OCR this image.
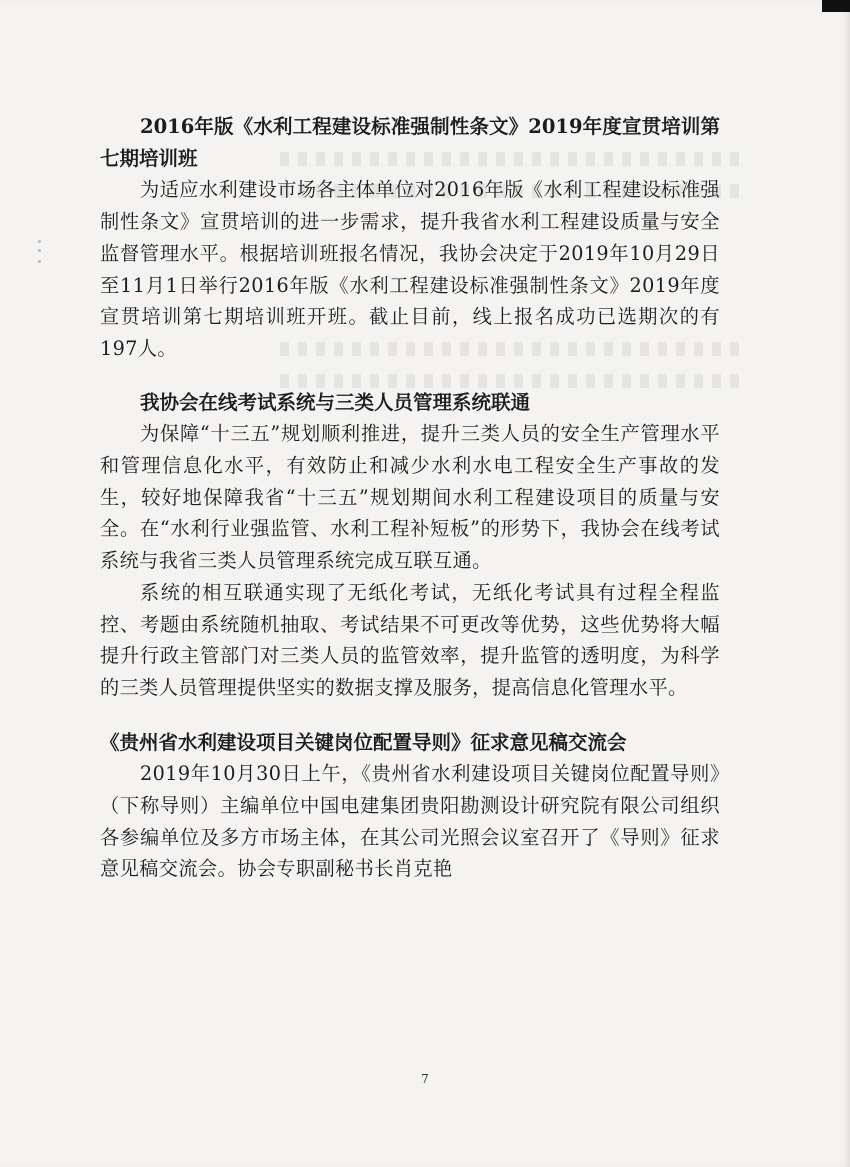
2016年版《水利工程建设标准强制性条文》2019年度宣贯培训第七期培训班

为适应水利建设市场各主体单位对2016年版《水利工程建设标准强制性条文》宣贯培训的进一步需求，提升我省水利工程建设质量与安全监督管理水平。根据培训班报名情况，我协会决定于2019年10月29日至11月1日举行2016年版《水利工程建设标准强制性条文》2019年度宣贯培训第七期培训班开班。截止目前，线上报名成功已选期次的有197人。

我协会在线考试系统与三类人员管理系统联通

为保障“十三五”规划顺利推进，提升三类人员的安全生产管理水平和管理信息化水平，有效防止和减少水利水电工程安全生产事故的发生，较好地保障我省“十三五”规划期间水利工程建设项目的质量与安全。在“水利行业强监管、水利工程补短板”的形势下，我协会在线考试系统与我省三类人员管理系统完成互联互通。

系统的相互联通实现了无纸化考试，无纸化考试具有过程全程监控、考题由系统随机抽取、考试结果不可更改等优势，这些优势将大幅提升行政主管部门对三类人员的监管效率，提升监管的透明度，为科学的三类人员管理提供坚实的数据支撑及服务，提高信息化管理水平。

《贵州省水利建设项目关键岗位配置导则》征求意见稿交流会

2019年10月30日上午，《贵州省水利建设项目关键岗位配置导则》（下称导则）主编单位中国电建集团贵阳勘测设计研究院有限公司组织各参编单位及多方市场主体，在其公司光照会议室召开了《导则》征求意见稿交流会。协会专职副秘书长肖克艳

7
